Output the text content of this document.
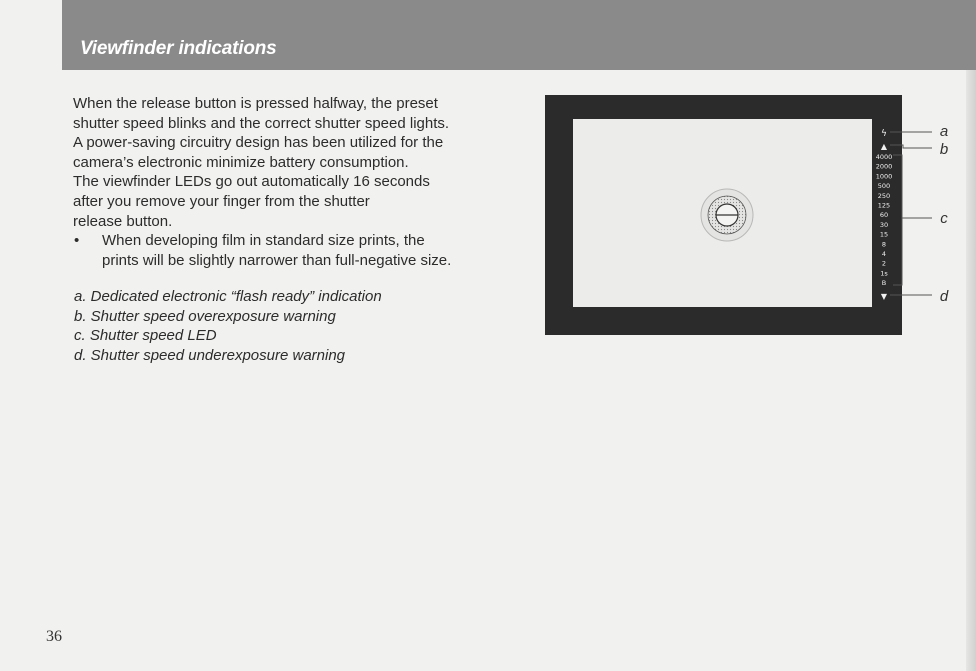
Viewfinder indications

When the release button is pressed halfway, the preset

shutter speed blinks and the correct shutter speed lights.

A power-saving circuitry design has been utilized for the

camera’s electronic minimize battery consumption.

The viewfinder LEDs go out automatically 16 seconds

after you remove your finger from the shutter

release button.

•	When developing film in standard size prints, the
prints will be slightly narrower than full-negative size.
a. Dedicated electronic “flash ready” indication
b. Shutter speed overexposure warning
c. Shutter speed LED
d. Shutter speed underexposure warning
ϟ
▲
4000
2000
1000
500
250
125
60
30
15
8
4
2
1s
B
▼
a
b
c
d
36
